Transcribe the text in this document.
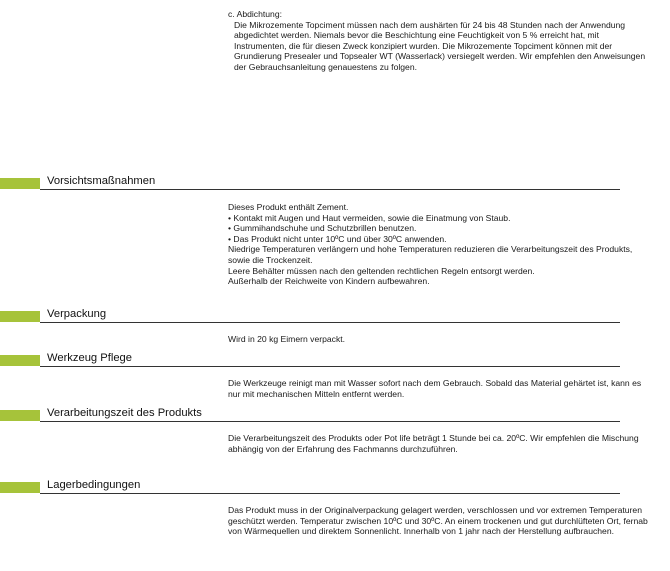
c. Abdichtung:

Die Mikrozemente Topciment müssen nach dem aushärten für 24 bis 48 Stunden nach der Anwendung abgedichtet werden. Niemals bevor die Beschichtung eine Feuchtigkeit von 5 % erreicht hat, mit Instrumenten, die für diesen Zweck konzipiert wurden. Die Mikrozemente Topciment können mit der Grundierung Presealer und Topsealer WT (Wasserlack) versiegelt werden. Wir empfehlen den Anweisungen der Gebrauchsanleitung genauestens zu folgen.

Vorsichtsmaßnahmen

Dieses Produkt enthält Zement.

• Kontakt mit Augen und Haut vermeiden, sowie die Einatmung von Staub.

• Gummihandschuhe und Schutzbrillen benutzen.

• Das Produkt nicht unter 10ºC und über 30ºC anwenden.

Niedrige Temperaturen verlängern und hohe Temperaturen reduzieren die Verarbeitungszeit des Produkts, sowie die Trockenzeit.

Leere Behälter müssen nach den geltenden rechtlichen Regeln entsorgt werden.

Außerhalb der Reichweite von Kindern aufbewahren.

Verpackung

Wird in 20 kg Eimern verpackt.

Werkzeug Pflege

Die Werkzeuge reinigt man mit Wasser sofort nach dem Gebrauch. Sobald das Material gehärtet ist, kann es nur mit mechanischen Mitteln entfernt werden.

Verarbeitungszeit des Produkts

Die Verarbeitungszeit des Produkts oder Pot life beträgt 1 Stunde bei ca. 20ºC. Wir empfehlen die Mischung abhängig von der Erfahrung des Fachmanns durchzuführen.

Lagerbedingungen

Das Produkt muss in der Originalverpackung gelagert werden, verschlossen und vor extremen Temperaturen geschützt werden. Temperatur zwischen 10ºC und 30ºC. An einem trockenen und gut durchlüfteten Ort, fernab von Wärmequellen und direktem Sonnenlicht. Innerhalb von 1 jahr nach der Herstellung aufbrauchen.
